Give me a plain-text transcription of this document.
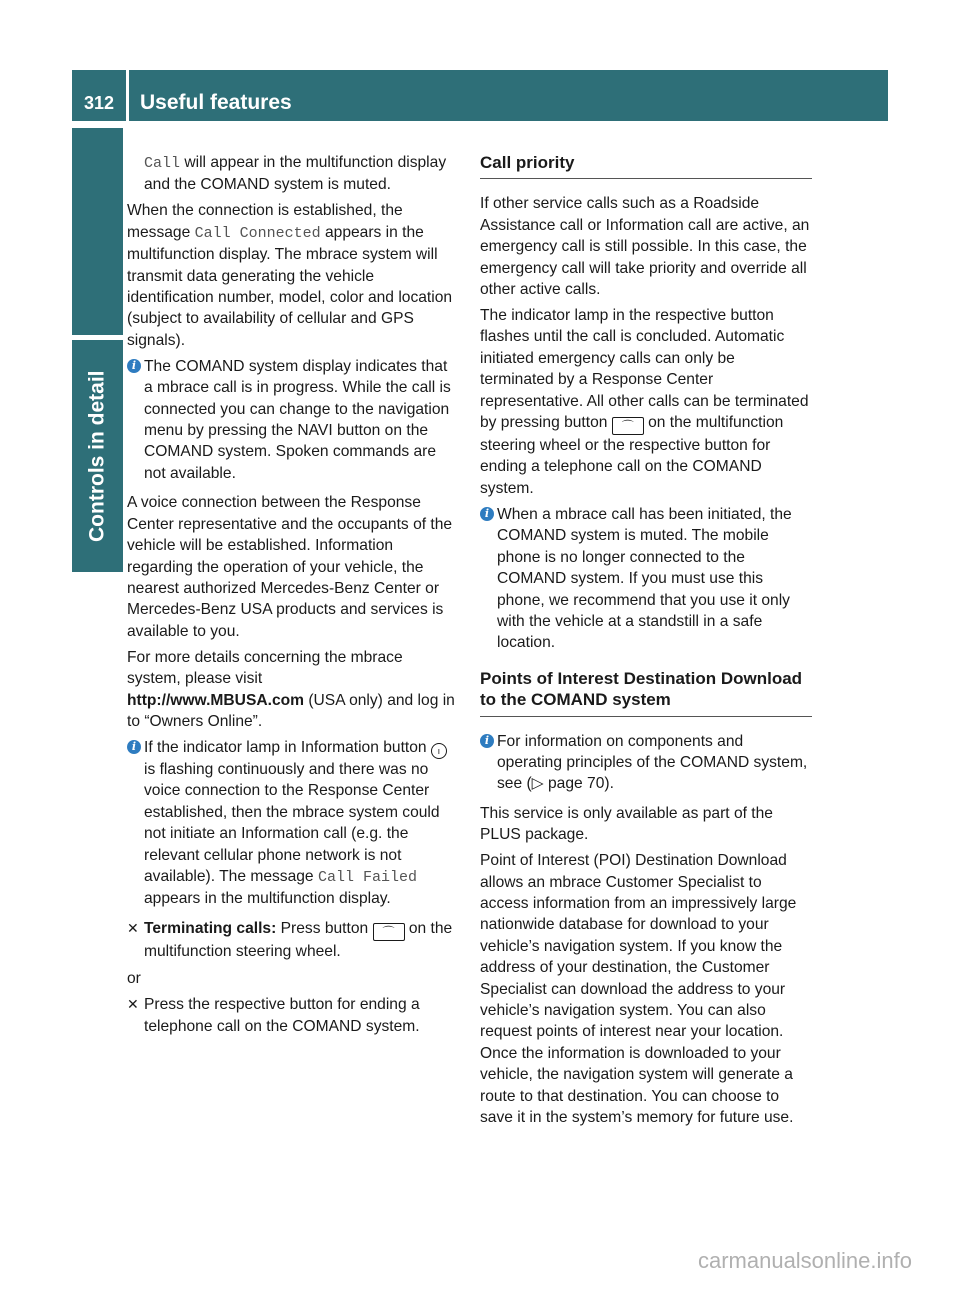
312	Useful features
Controls in detail

Call will appear in the multifunction display and the COMAND system is muted.

When the connection is established, the message Call Connected appears in the multifunction display. The mbrace system will transmit data generating the vehicle identification number, model, color and location (subject to availability of cellular and GPS signals).

i The COMAND system display indicates that a mbrace call is in progress. While the call is connected you can change to the navigation menu by pressing the NAVI button on the COMAND system. Spoken commands are not available.

A voice connection between the Response Center representative and the occupants of the vehicle will be established. Information regarding the operation of your vehicle, the nearest authorized Mercedes-Benz Center or Mercedes-Benz USA products and services is available to you.

For more details concerning the mbrace system, please visit
http://www.MBUSA.com (USA only) and log in to “Owners Online”.

i If the indicator lamp in Information button ı is flashing continuously and there was no voice connection to the Response Center established, then the mbrace system could not initiate an Information call (e.g. the relevant cellular phone network is not available). The message Call Failed appears in the multifunction display.
✕ Terminating calls: Press button ⌒ on the multifunction steering wheel.

or

✕ Press the respective button for ending a telephone call on the COMAND system.
Call priority

If other service calls such as a Roadside Assistance call or Information call are active, an emergency call is still possible. In this case, the emergency call will take priority and override all other active calls.

The indicator lamp in the respective button flashes until the call is concluded. Automatic initiated emergency calls can only be terminated by a Response Center representative. All other calls can be terminated by pressing button ⌒ on the multifunction steering wheel or the respective button for ending a telephone call on the COMAND system.

i When a mbrace call has been initiated, the COMAND system is muted. The mobile phone is no longer connected to the COMAND system. If you must use this phone, we recommend that you use it only with the vehicle at a standstill in a safe location.
Points of Interest Destination Download to the COMAND system
i For information on components and operating principles of the COMAND system, see (▷ page 70).

This service is only available as part of the PLUS package.

Point of Interest (POI) Destination Download allows an mbrace Customer Specialist to access information from an impressively large nationwide database for download to your vehicle’s navigation system. If you know the address of your destination, the Customer Specialist can download the address to your vehicle’s navigation system. You can also request points of interest near your location. Once the information is downloaded to your vehicle, the navigation system will generate a route to that destination. You can choose to save it in the system’s memory for future use.

carmanualsonline.info
